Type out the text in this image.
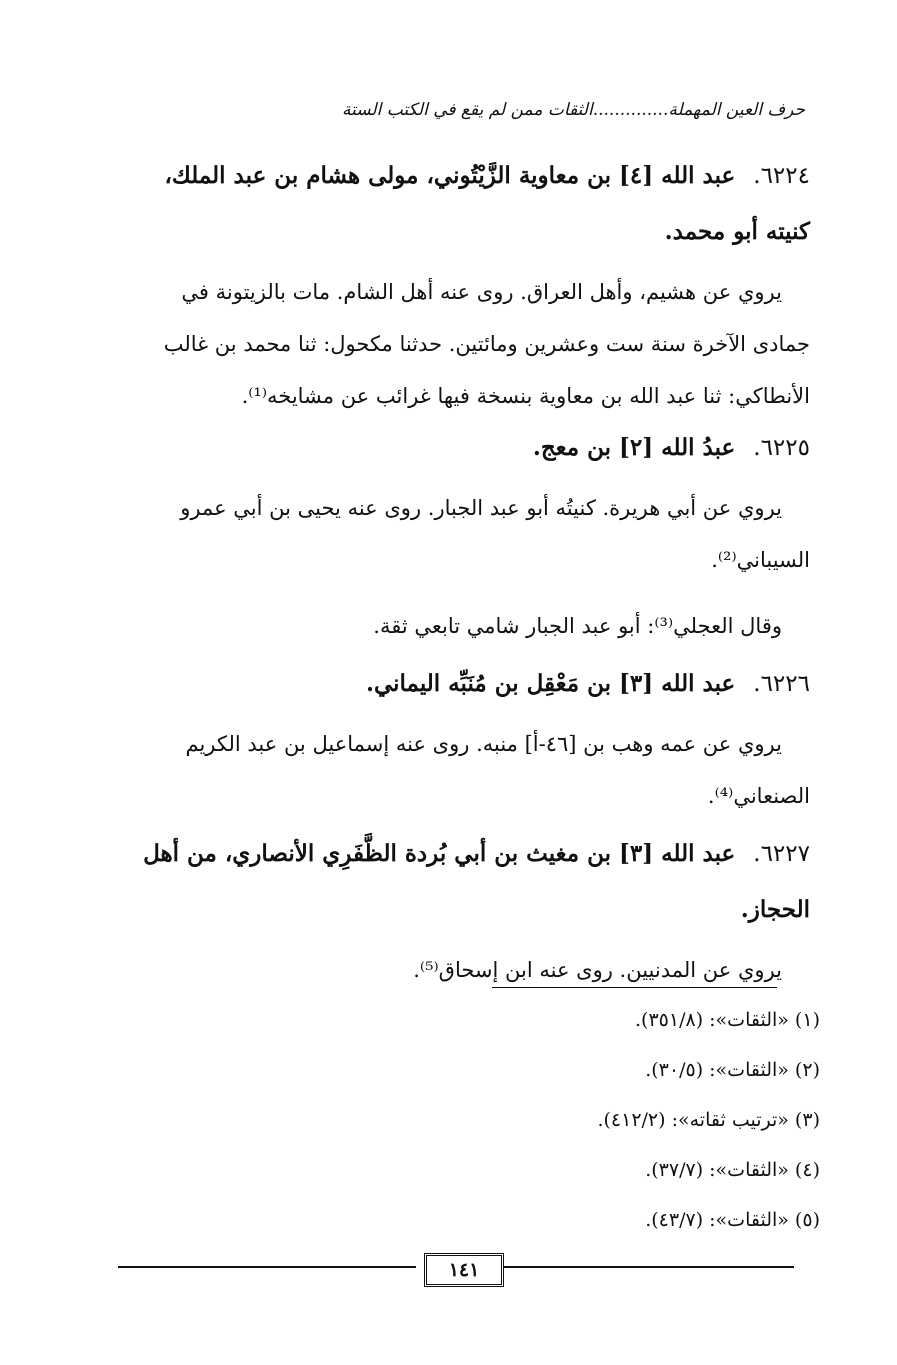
حرف العين المهملة..............الثقات ممن لم يقع في الكتب الستة
٦٢٢٤. عبد الله [٤] بن معاوية الزَّيْتُوني، مولى هشام بن عبد الملك، كنيته أبو محمد.

يروي عن هشيم، وأهل العراق. روى عنه أهل الشام. مات بالزيتونة في جمادى الآخرة سنة ست وعشرين ومائتين. حدثنا مكحول: ثنا محمد بن غالب الأنطاكي: ثنا عبد الله بن معاوية بنسخة فيها غرائب عن مشايخه⁽¹⁾.

٦٢٢٥. عبدُ الله [٢] بن معج.

يروي عن أبي هريرة. كنيتُه أبو عبد الجبار. روى عنه يحيى بن أبي عمرو السيباني⁽²⁾.

وقال العجلي⁽³⁾: أبو عبد الجبار شامي تابعي ثقة.

٦٢٢٦. عبد الله [٣] بن مَعْقِل بن مُنَبِّه اليماني.

يروي عن عمه وهب بن [٤٦-أ] منبه. روى عنه إسماعيل بن عبد الكريم الصنعاني⁽⁴⁾.

٦٢٢٧. عبد الله [٣] بن مغيث بن أبي بُردة الظَّفَرِي الأنصاري، من أهل الحجاز.

يروي عن المدنيين. روى عنه ابن إسحاق⁽⁵⁾.

(١) «الثقات»: (٣٥١/٨).
(٢) «الثقات»: (٣٠/٥).
(٣) «ترتيب ثقاته»: (٤١٢/٢).
(٤) «الثقات»: (٣٧/٧).
(٥) «الثقات»: (٤٣/٧).
١٤١
